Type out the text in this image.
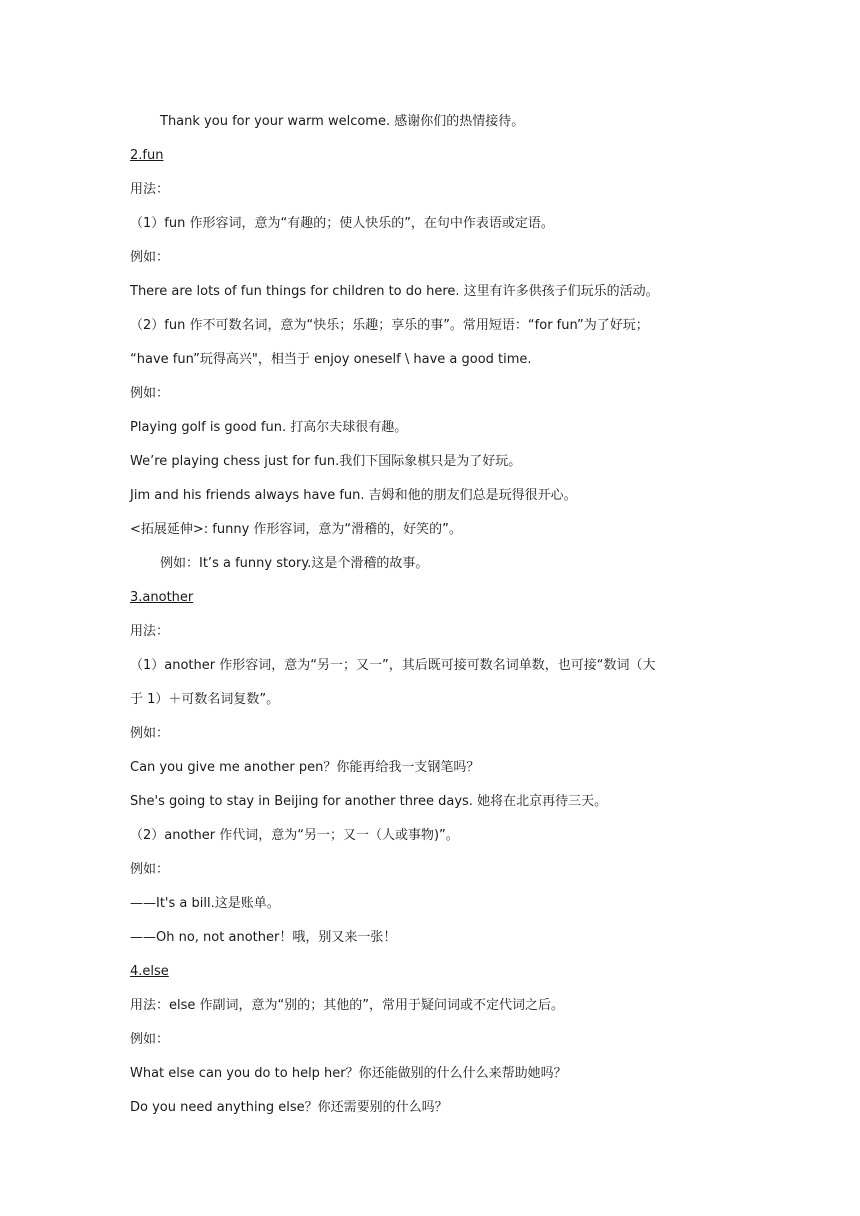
Thank you for your warm welcome. 感谢你们的热情接待。
2.fun
用法：
（1）fun 作形容词，意为“有趣的；使人快乐的”，在句中作表语或定语。
例如：
There are lots of fun things for children to do here. 这里有许多供孩子们玩乐的活动。
（2）fun 作不可数名词，意为“快乐；乐趣；享乐的事”。常用短语：“for fun”为了好玩；
“have fun”玩得高兴"，相当于 enjoy oneself \ have a good time.
例如：
Playing golf is good fun. 打高尔夫球很有趣。
We’re playing chess just for fun.我们下国际象棋只是为了好玩。
Jim and his friends always have fun. 吉姆和他的朋友们总是玩得很开心。
<拓展延伸>: funny 作形容词，意为“滑稽的，好笑的”。
例如：It’s a funny story.这是个滑稽的故事。
3.another
用法：
（1）another 作形容词，意为“另一；又一”，其后既可接可数名词单数，也可接“数词（大
于 1）＋可数名词复数”。
例如：
Can you give me another pen？你能再给我一支钢笔吗？
She's going to stay in Beijing for another three days. 她将在北京再待三天。
（2）another 作代词，意为“另一；又一（人或事物)”。
例如：
——It's a bill.这是账单。
——Oh no, not another！哦，别又来一张！
4.else
用法：else 作副词，意为“别的；其他的”，常用于疑问词或不定代词之后。
例如：
What else can you do to help her？你还能做别的什么什么来帮助她吗？
Do you need anything else？你还需要别的什么吗？
